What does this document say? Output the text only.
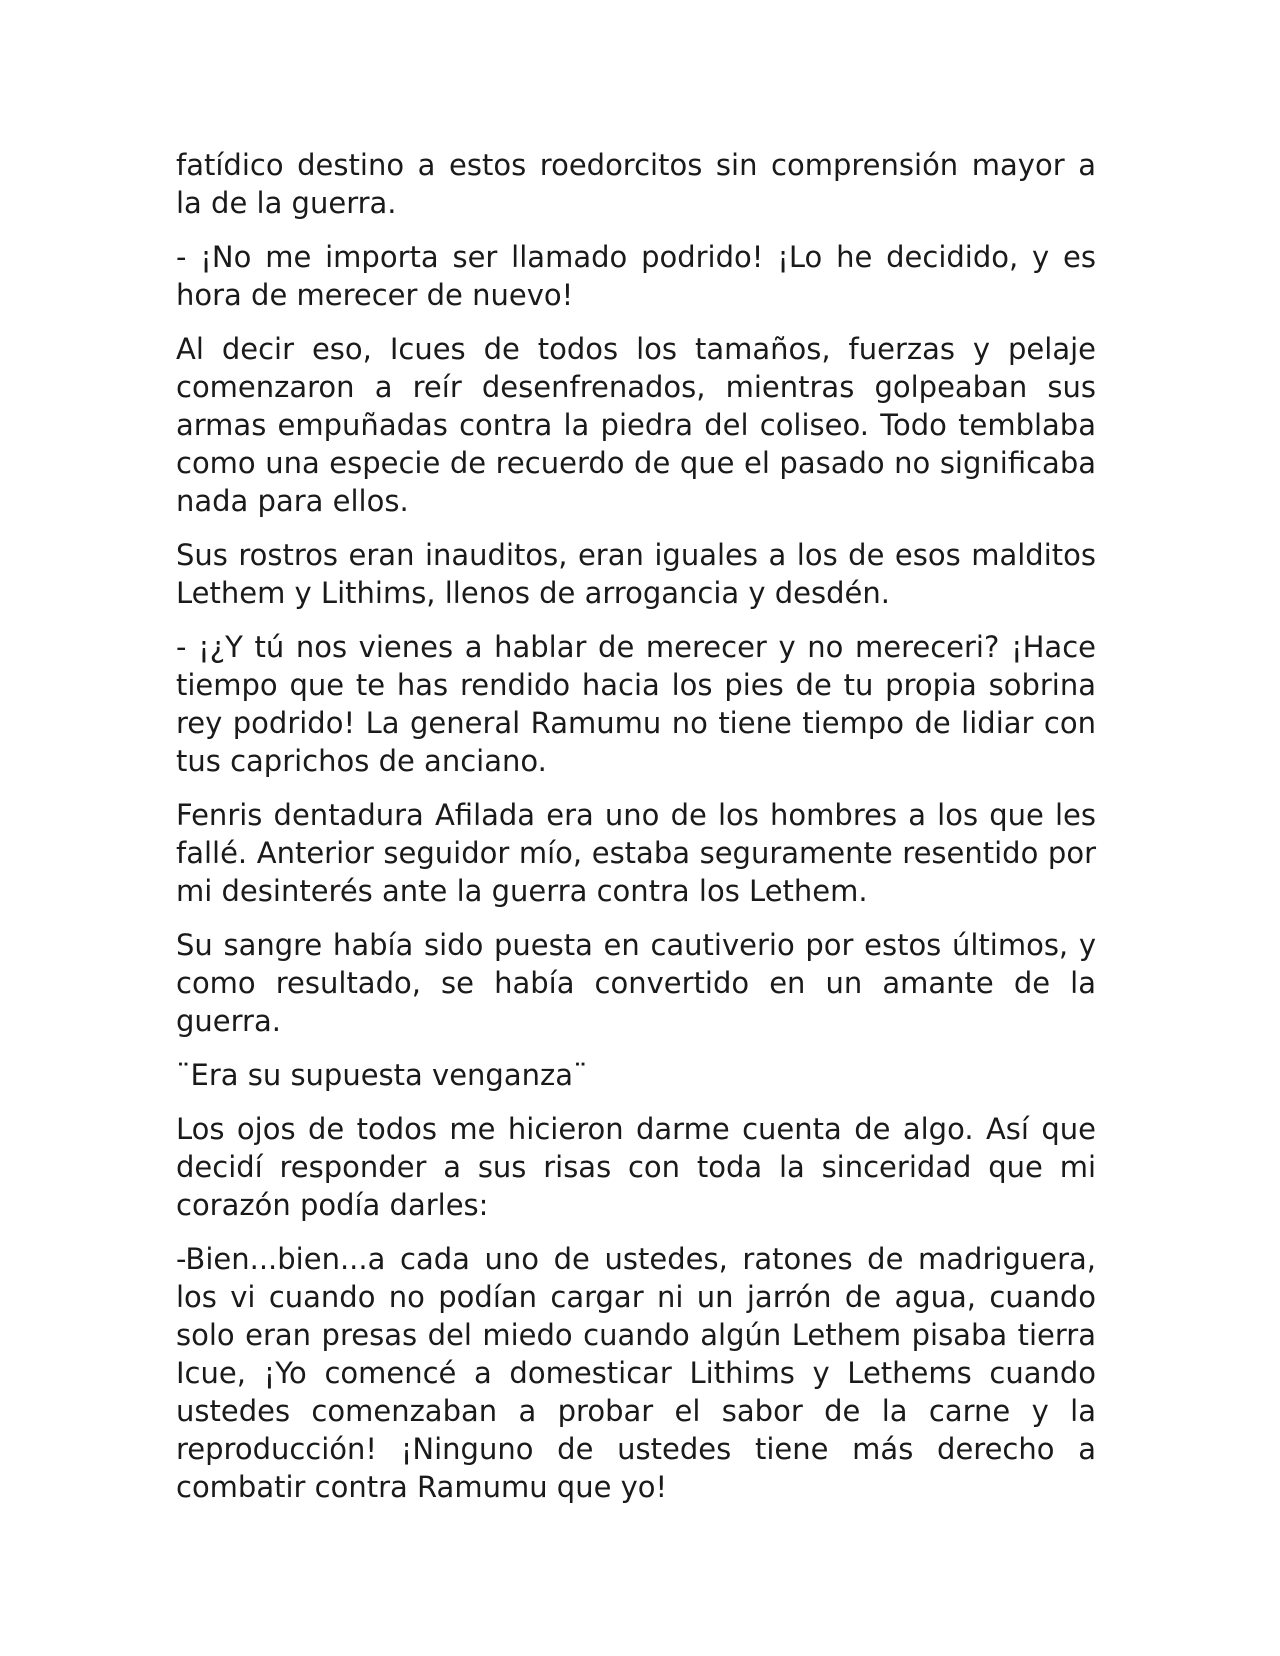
fatídico destino a estos roedorcitos sin comprensión mayor a la de la guerra.

- ¡No me importa ser llamado podrido! ¡Lo he decidido, y es hora de merecer de nuevo!

Al decir eso, Icues de todos los tamaños, fuerzas y pelaje comenzaron a reír desenfrenados, mientras golpeaban sus armas empuñadas contra la piedra del coliseo. Todo temblaba como una especie de recuerdo de que el pasado no significaba nada para ellos.

Sus rostros eran inauditos, eran iguales a los de esos malditos Lethem y Lithims, llenos de arrogancia y desdén.

- ¡¿Y tú nos vienes a hablar de merecer y no mereceri? ¡Hace tiempo que te has rendido hacia los pies de tu propia sobrina rey podrido! La general Ramumu no tiene tiempo de lidiar con tus caprichos de anciano.

Fenris dentadura Afilada era uno de los hombres a los que les fallé. Anterior seguidor mío, estaba seguramente resentido por mi desinterés ante la guerra contra los Lethem.

Su sangre había sido puesta en cautiverio por estos últimos, y como resultado, se había convertido en un amante de la guerra.

¨Era su supuesta venganza¨

Los ojos de todos me hicieron darme cuenta de algo. Así que decidí responder a sus risas con toda la sinceridad que mi corazón podía darles:

-Bien...bien...a cada uno de ustedes, ratones de madriguera, los vi cuando no podían cargar ni un jarrón de agua, cuando solo eran presas del miedo cuando algún Lethem pisaba tierra Icue, ¡Yo comencé a domesticar Lithims y Lethems cuando ustedes comenzaban a probar el sabor de la carne y la reproducción! ¡Ninguno de ustedes tiene más derecho a combatir contra Ramumu que yo!
